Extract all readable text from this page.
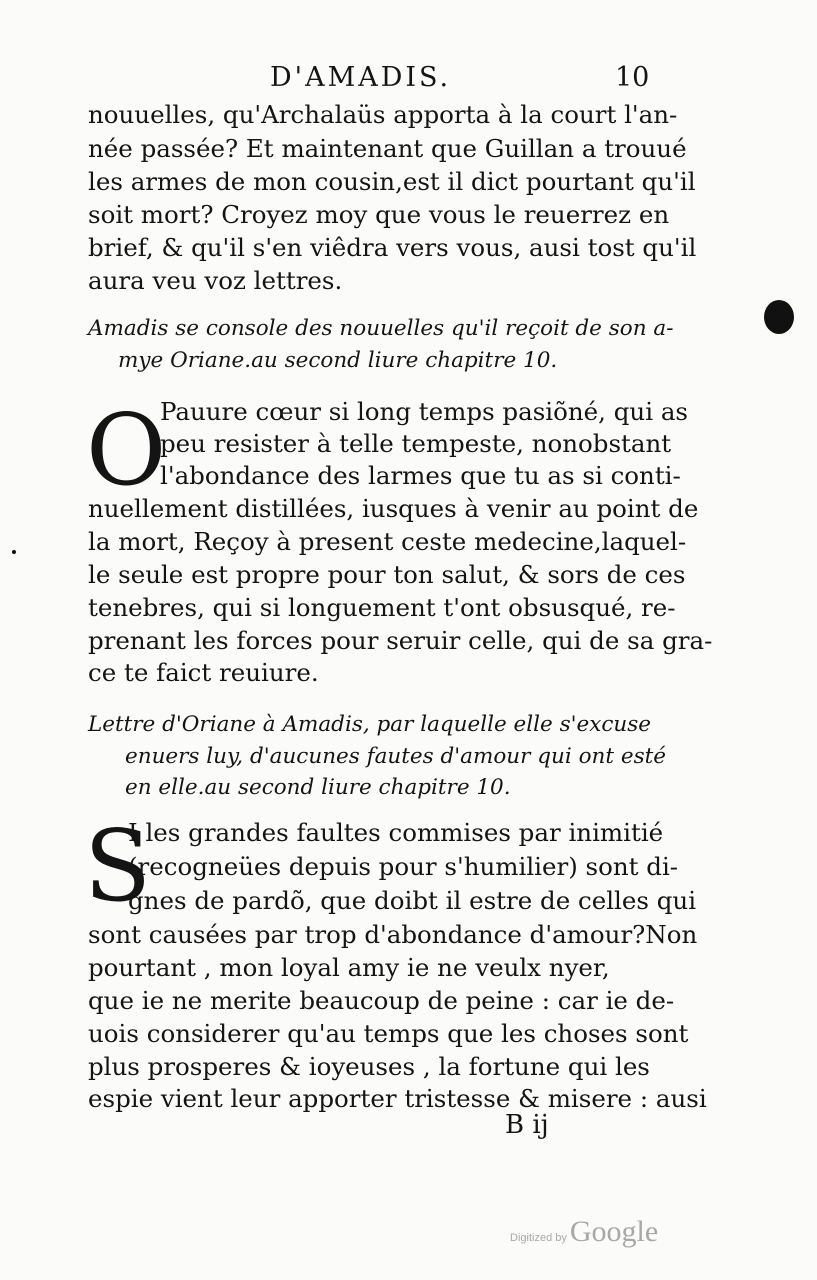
D'AMADIS.	10
nouuelles, qu'Archalaüs apporta à la court l'an-
née passée? Et maintenant que Guillan a trouué
les armes de mon cousin,est il dict pourtant qu'il
soit mort? Croyez moy que vous le reuerrez en
brief, & qu'il s'en viêdra vers vous, ausi tost qu'il
aura veu voz lettres.
Amadis se console des nouuelles qu'il reçoit de son a-
mye Oriane.au second liure chapitre 10.
O
Pauure cœur si long temps pasiõné, qui as
peu resister à telle tempeste, nonobstant
l'abondance des larmes que tu as si conti-
nuellement distillées, iusques à venir au point de
la mort, Reçoy à present ceste medecine,laquel-
le seule est propre pour ton salut, & sors de ces
tenebres, qui si longuement t'ont obsusqué, re-
prenant les forces pour seruir celle, qui de sa gra-
ce te faict reuiure.
Lettre d'Oriane à Amadis, par laquelle elle s'excuse
enuers luy, d'aucunes fautes d'amour qui ont esté
en elle.au second liure chapitre 10.
S
I les grandes faultes commises par inimitié
(recogneües depuis pour s'humilier) sont di-
gnes de pardõ, que doibt il estre de celles qui
sont causées par trop d'abondance d'amour?Non
pourtant , mon loyal amy ie ne veulx nyer,
que ie ne merite beaucoup de peine : car ie de-
uois considerer qu'au temps que les choses sont
plus prosperes & ioyeuses , la fortune qui les
espie vient leur apporter tristesse & misere : ausi
B ij
Digitized by Google
